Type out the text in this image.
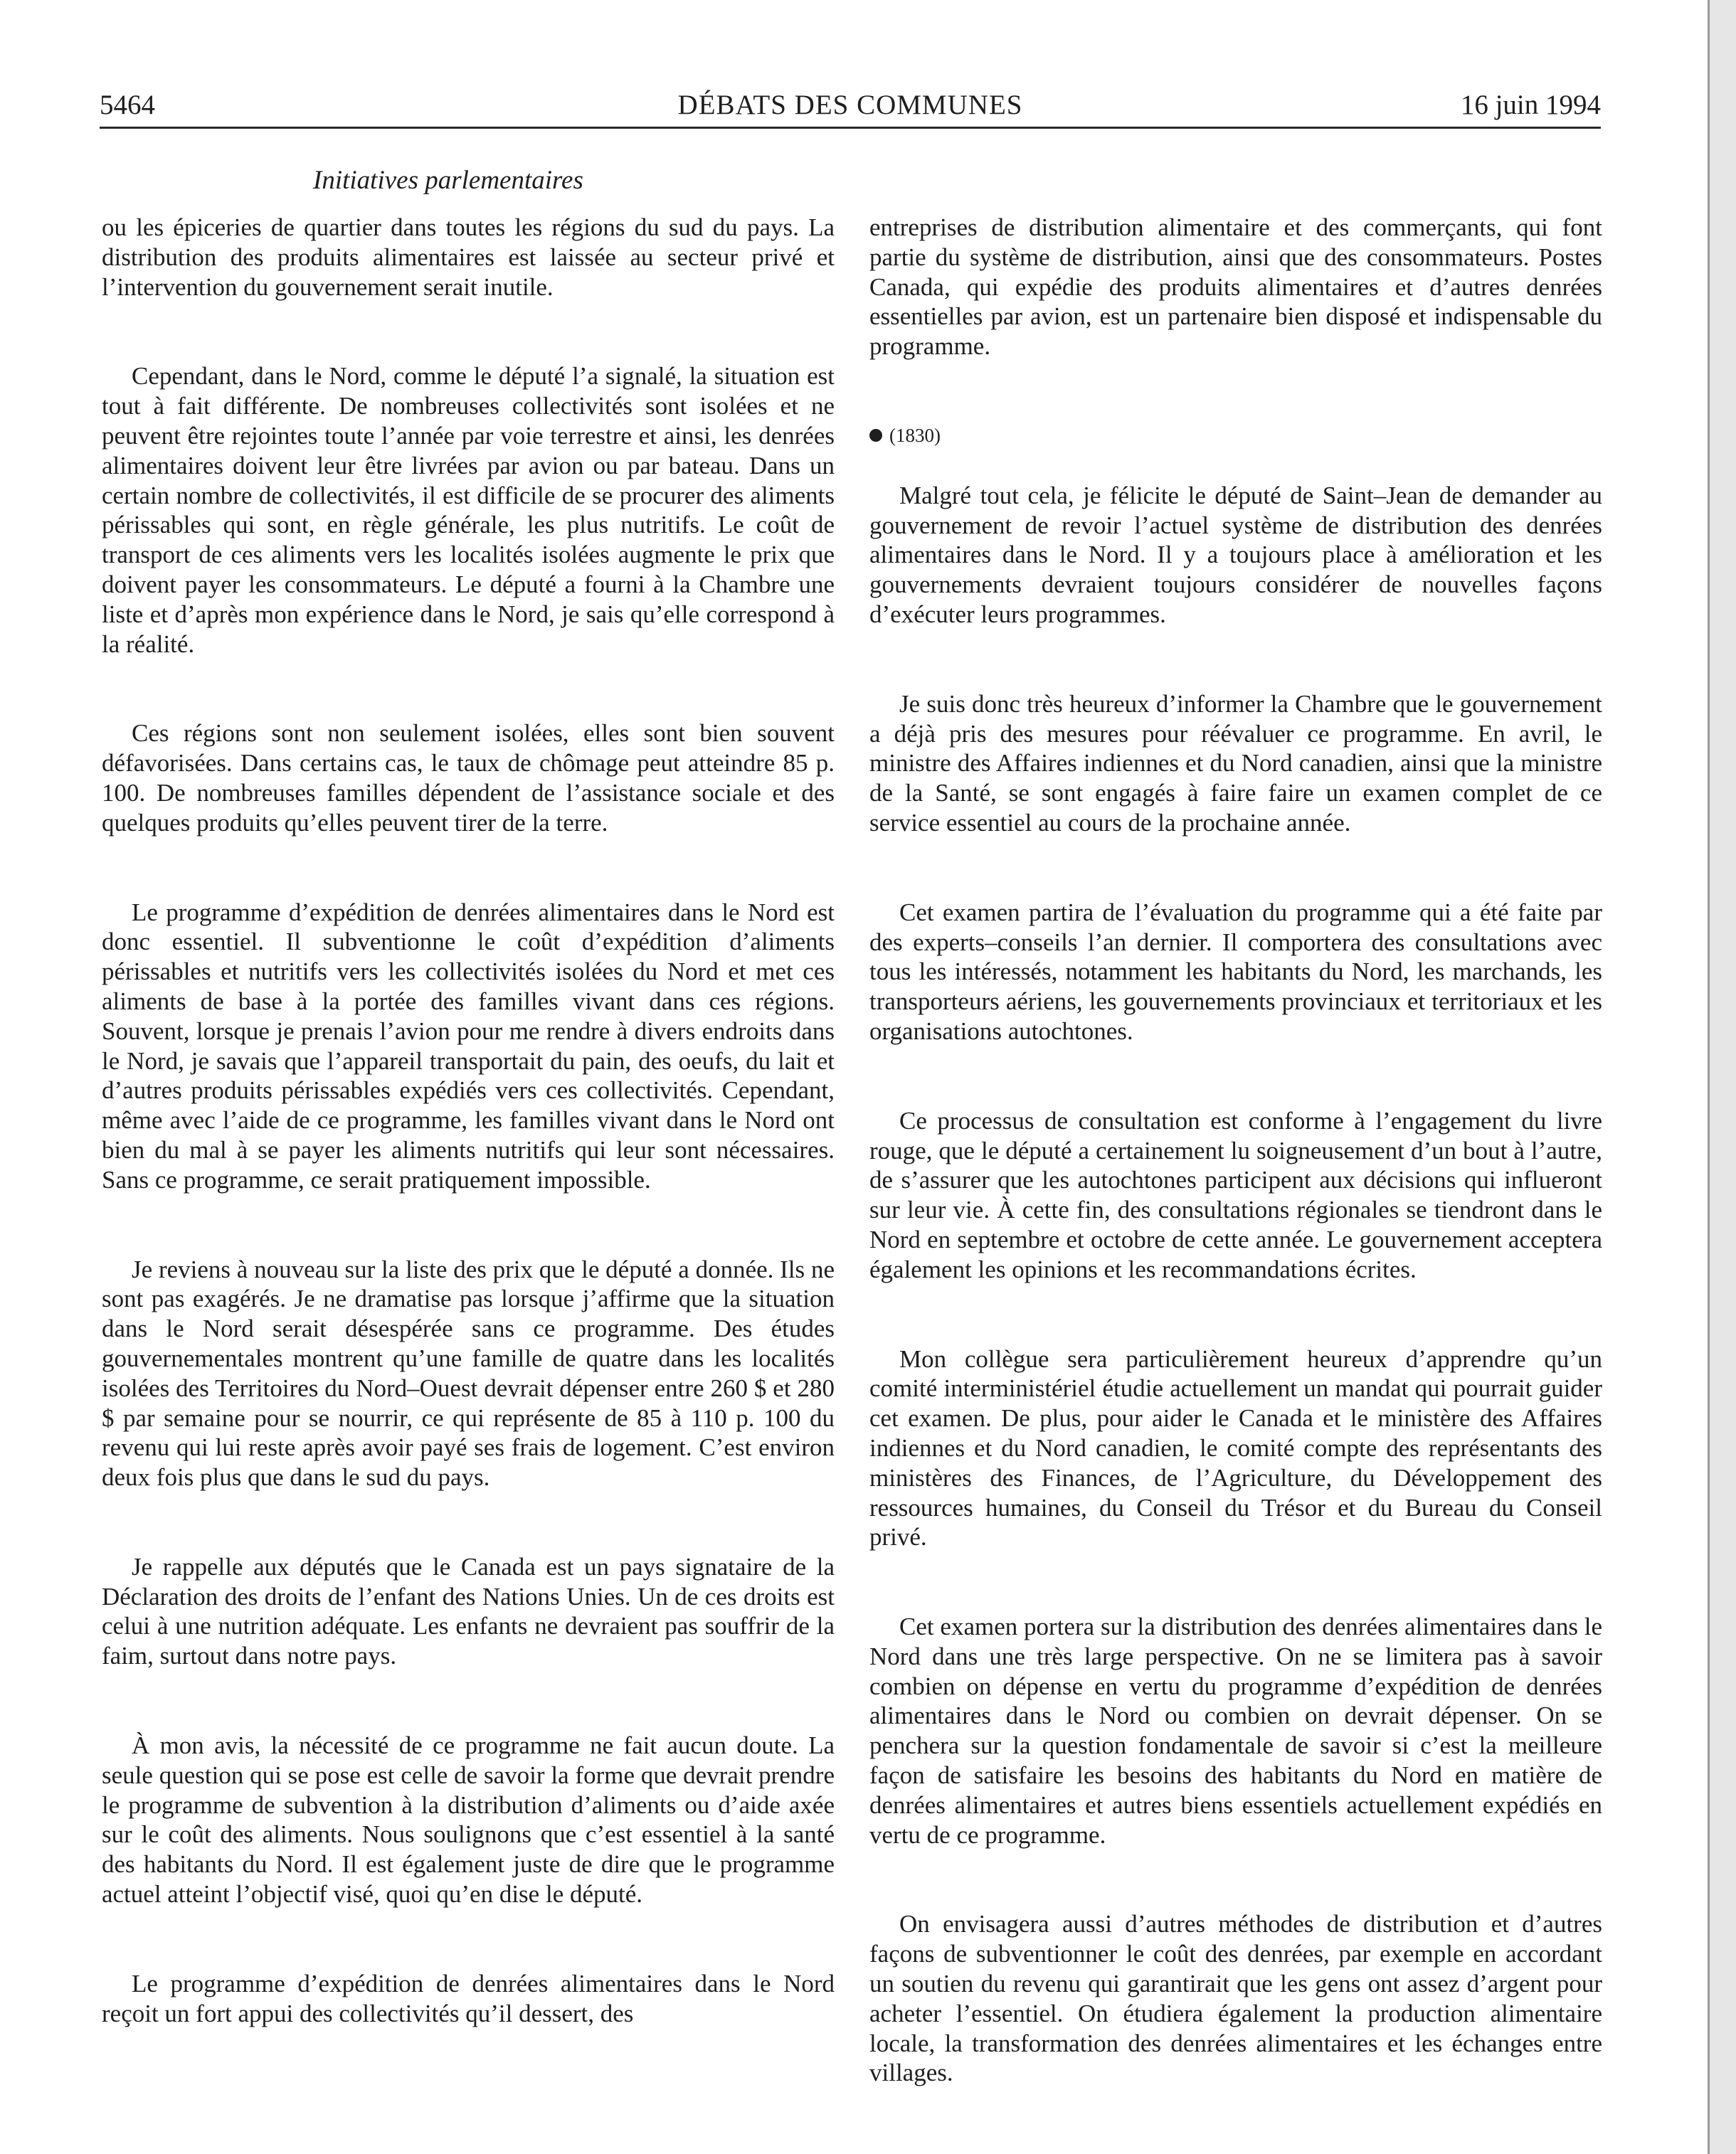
5464	DÉBATS DES COMMUNES	16 juin 1994
Initiatives parlementaires

ou les épiceries de quartier dans toutes les régions du sud du pays. La distribution des produits alimentaires est laissée au secteur privé et l’intervention du gouvernement serait inutile.

Cependant, dans le Nord, comme le député l’a signalé, la situation est tout à fait différente. De nombreuses collectivités sont isolées et ne peuvent être rejointes toute l’année par voie terrestre et ainsi, les denrées alimentaires doivent leur être livrées par avion ou par bateau. Dans un certain nombre de collectivités, il est difficile de se procurer des aliments périssables qui sont, en règle générale, les plus nutritifs. Le coût de transport de ces aliments vers les localités isolées augmente le prix que doivent payer les consommateurs. Le député a fourni à la Chambre une liste et d’après mon expérience dans le Nord, je sais qu’elle correspond à la réalité.

Ces régions sont non seulement isolées, elles sont bien souvent défavorisées. Dans certains cas, le taux de chômage peut atteindre 85 p. 100. De nombreuses familles dépendent de l’assistance sociale et des quelques produits qu’elles peuvent tirer de la terre.

Le programme d’expédition de denrées alimentaires dans le Nord est donc essentiel. Il subventionne le coût d’expédition d’aliments périssables et nutritifs vers les collectivités isolées du Nord et met ces aliments de base à la portée des familles vivant dans ces régions. Souvent, lorsque je prenais l’avion pour me rendre à divers endroits dans le Nord, je savais que l’appareil transportait du pain, des oeufs, du lait et d’autres produits périssables expédiés vers ces collectivités. Cependant, même avec l’aide de ce programme, les familles vivant dans le Nord ont bien du mal à se payer les aliments nutritifs qui leur sont nécessaires. Sans ce programme, ce serait pratiquement impossible.

Je reviens à nouveau sur la liste des prix que le député a donnée. Ils ne sont pas exagérés. Je ne dramatise pas lorsque j’affirme que la situation dans le Nord serait désespérée sans ce programme. Des études gouvernementales montrent qu’une famille de quatre dans les localités isolées des Territoires du Nord–Ouest devrait dépenser entre 260 $ et 280 $ par semaine pour se nourrir, ce qui représente de 85 à 110 p. 100 du revenu qui lui reste après avoir payé ses frais de logement. C’est environ deux fois plus que dans le sud du pays.

Je rappelle aux députés que le Canada est un pays signataire de la Déclaration des droits de l’enfant des Nations Unies. Un de ces droits est celui à une nutrition adéquate. Les enfants ne devraient pas souffrir de la faim, surtout dans notre pays.

À mon avis, la nécessité de ce programme ne fait aucun doute. La seule question qui se pose est celle de savoir la forme que devrait prendre le programme de subvention à la distribution d’aliments ou d’aide axée sur le coût des aliments. Nous soulignons que c’est essentiel à la santé des habitants du Nord. Il est également juste de dire que le programme actuel atteint l’objectif visé, quoi qu’en dise le député.

Le programme d’expédition de denrées alimentaires dans le Nord reçoit un fort appui des collectivités qu’il dessert, des

entreprises de distribution alimentaire et des commerçants, qui font partie du système de distribution, ainsi que des consommateurs. Postes Canada, qui expédie des produits alimentaires et d’autres denrées essentielles par avion, est un partenaire bien disposé et indispensable du programme.

(1830)

Malgré tout cela, je félicite le député de Saint–Jean de demander au gouvernement de revoir l’actuel système de distribution des denrées alimentaires dans le Nord. Il y a toujours place à amélioration et les gouvernements devraient toujours considérer de nouvelles façons d’exécuter leurs programmes.

Je suis donc très heureux d’informer la Chambre que le gouvernement a déjà pris des mesures pour réévaluer ce programme. En avril, le ministre des Affaires indiennes et du Nord canadien, ainsi que la ministre de la Santé, se sont engagés à faire faire un examen complet de ce service essentiel au cours de la prochaine année.

Cet examen partira de l’évaluation du programme qui a été faite par des experts–conseils l’an dernier. Il comportera des consultations avec tous les intéressés, notamment les habitants du Nord, les marchands, les transporteurs aériens, les gouvernements provinciaux et territoriaux et les organisations autochtones.

Ce processus de consultation est conforme à l’engagement du livre rouge, que le député a certainement lu soigneusement d’un bout à l’autre, de s’assurer que les autochtones participent aux décisions qui influeront sur leur vie. À cette fin, des consultations régionales se tiendront dans le Nord en septembre et octobre de cette année. Le gouvernement acceptera également les opinions et les recommandations écrites.

Mon collègue sera particulièrement heureux d’apprendre qu’un comité interministériel étudie actuellement un mandat qui pourrait guider cet examen. De plus, pour aider le Canada et le ministère des Affaires indiennes et du Nord canadien, le comité compte des représentants des ministères des Finances, de l’Agriculture, du Développement des ressources humaines, du Conseil du Trésor et du Bureau du Conseil privé.

Cet examen portera sur la distribution des denrées alimentaires dans le Nord dans une très large perspective. On ne se limitera pas à savoir combien on dépense en vertu du programme d’expédition de denrées alimentaires dans le Nord ou combien on devrait dépenser. On se penchera sur la question fondamentale de savoir si c’est la meilleure façon de satisfaire les besoins des habitants du Nord en matière de denrées alimentaires et autres biens essentiels actuellement expédiés en vertu de ce programme.

On envisagera aussi d’autres méthodes de distribution et d’autres façons de subventionner le coût des denrées, par exemple en accordant un soutien du revenu qui garantirait que les gens ont assez d’argent pour acheter l’essentiel. On étudiera également la production alimentaire locale, la transformation des denrées alimentaires et les échanges entre villages.
